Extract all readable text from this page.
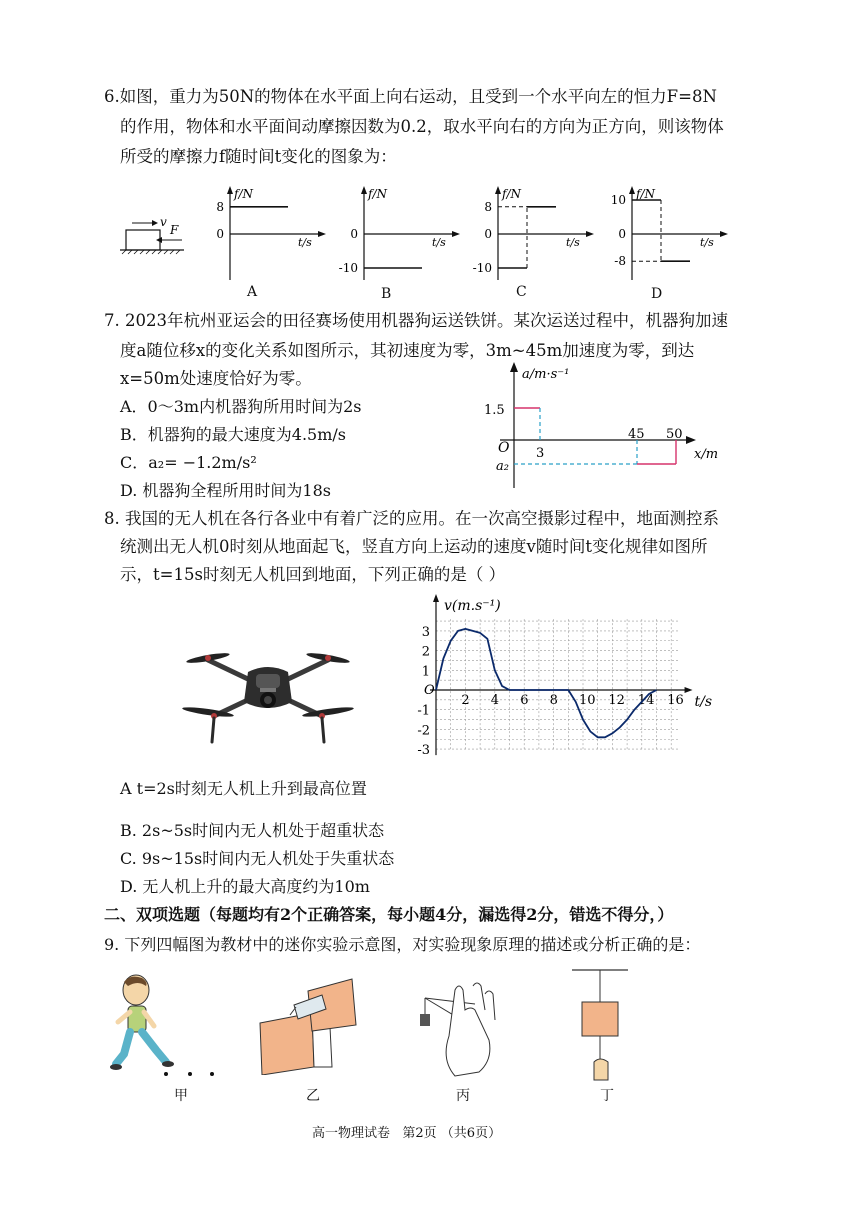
6.如图，重力为50N的物体在水平面上向右运动，且受到一个水平向左的恒力F=8N
的作用，物体和水平面间动摩擦因数为0.2，取水平向右的方向为正方向，则该物体
所受的摩擦力f随时间t变化的图象为：
v
F
f/N
t/s
8
0
f/N
t/s
0
-10
f/N
t/s
8
0
-10
f/N
t/s
10
0
-8
A	B	C	D
7. 2023年杭州亚运会的田径赛场使用机器狗运送铁饼。某次运送过程中，机器狗加速
度a随位移x的变化关系如图所示，其初速度为零，3m~45m加速度为零，到达
x=50m处速度恰好为零。
A．0～3m内机器狗所用时间为2s
B．机器狗的最大速度为4.5m/s
C．a₂= −1.2m/s²
D. 机器狗全程所用时间为18s
a/m·s⁻¹
x/m
O
1.5
a₂
3
45 50
8. 我国的无人机在各行各业中有着广泛的应用。在一次高空摄影过程中，地面测控系
统测出无人机0时刻从地面起飞，竖直方向上运动的速度v随时间t变化规律如图所
示，t=15s时刻无人机回到地面，下列正确的是（ ）
v(m.s⁻¹)
t/s
O
2 4 6 8 10 12 14 16
3
2
1
-1
-2
-3
A t=2s时刻无人机上升到最高位置
B. 2s~5s时间内无人机处于超重状态
C. 9s~15s时间内无人机处于失重状态
D. 无人机上升的最大高度约为10m
二、双项选题（每题均有2个正确答案，每小题4分，漏选得2分，错选不得分，）
9. 下列四幅图为教材中的迷你实验示意图，对实验现象原理的描述或分析正确的是：
甲	乙	丙	丁
高一物理试卷   第2页 （共6页）
